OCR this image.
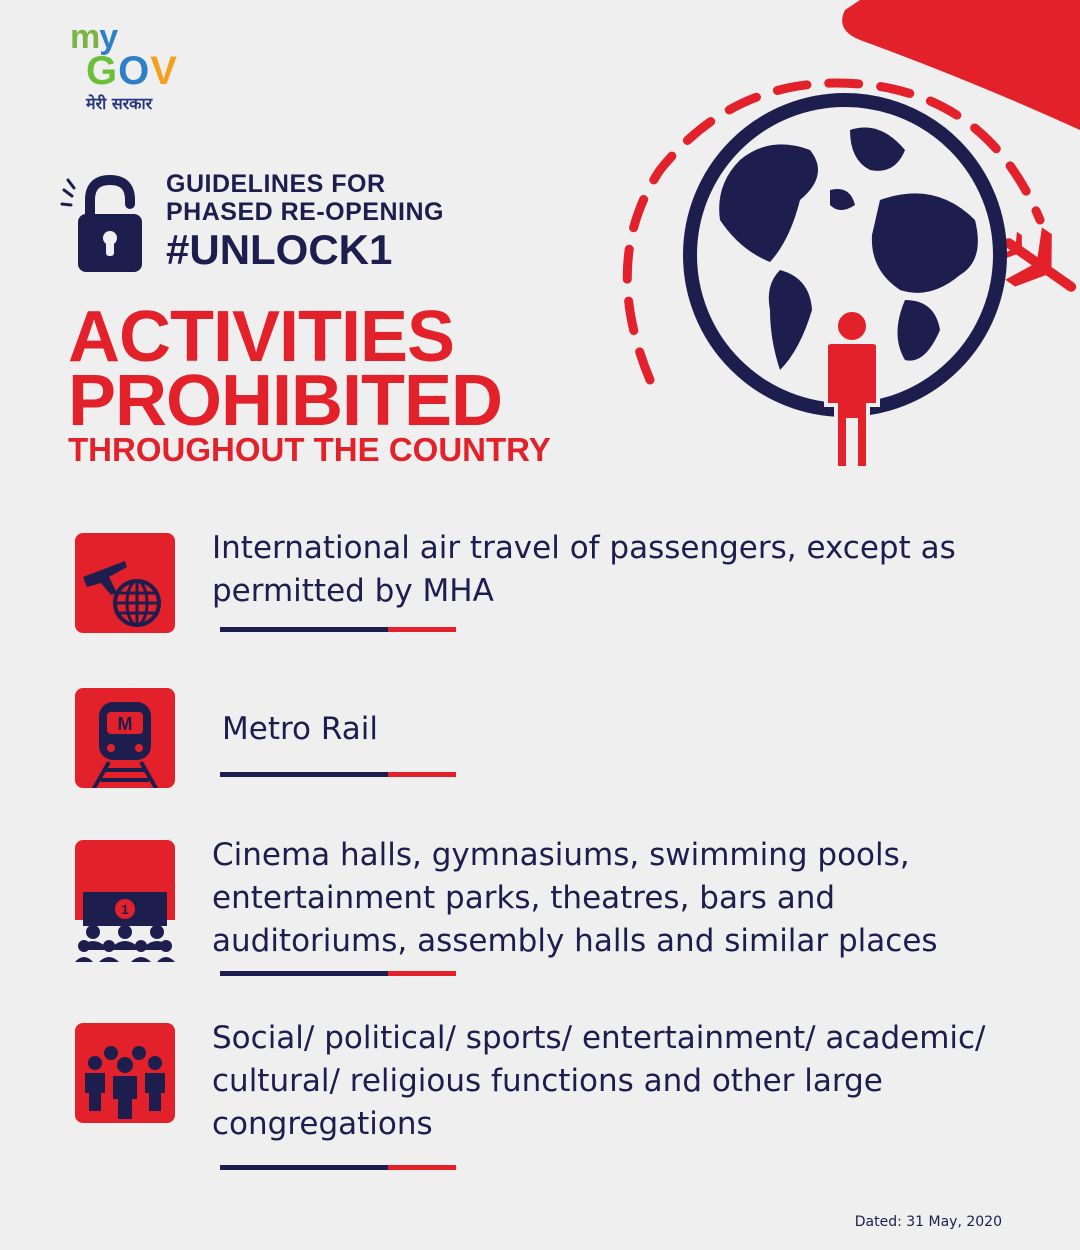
my
GOV
मेरी सरकार
GUIDELINES FOR
PHASED RE-OPENING
#UNLOCK1
ACTIVITIES
PROHIBITED
THROUGHOUT THE COUNTRY
International air travel of passengers, except as permitted by MHA
M	Metro Rail
1
Cinema halls, gymnasiums, swimming pools, entertainment parks, theatres, bars and auditoriums, assembly halls and similar places
Social/ political/ sports/ entertainment/ academic/ cultural/ religious functions and other large congregations
Dated: 31 May, 2020
